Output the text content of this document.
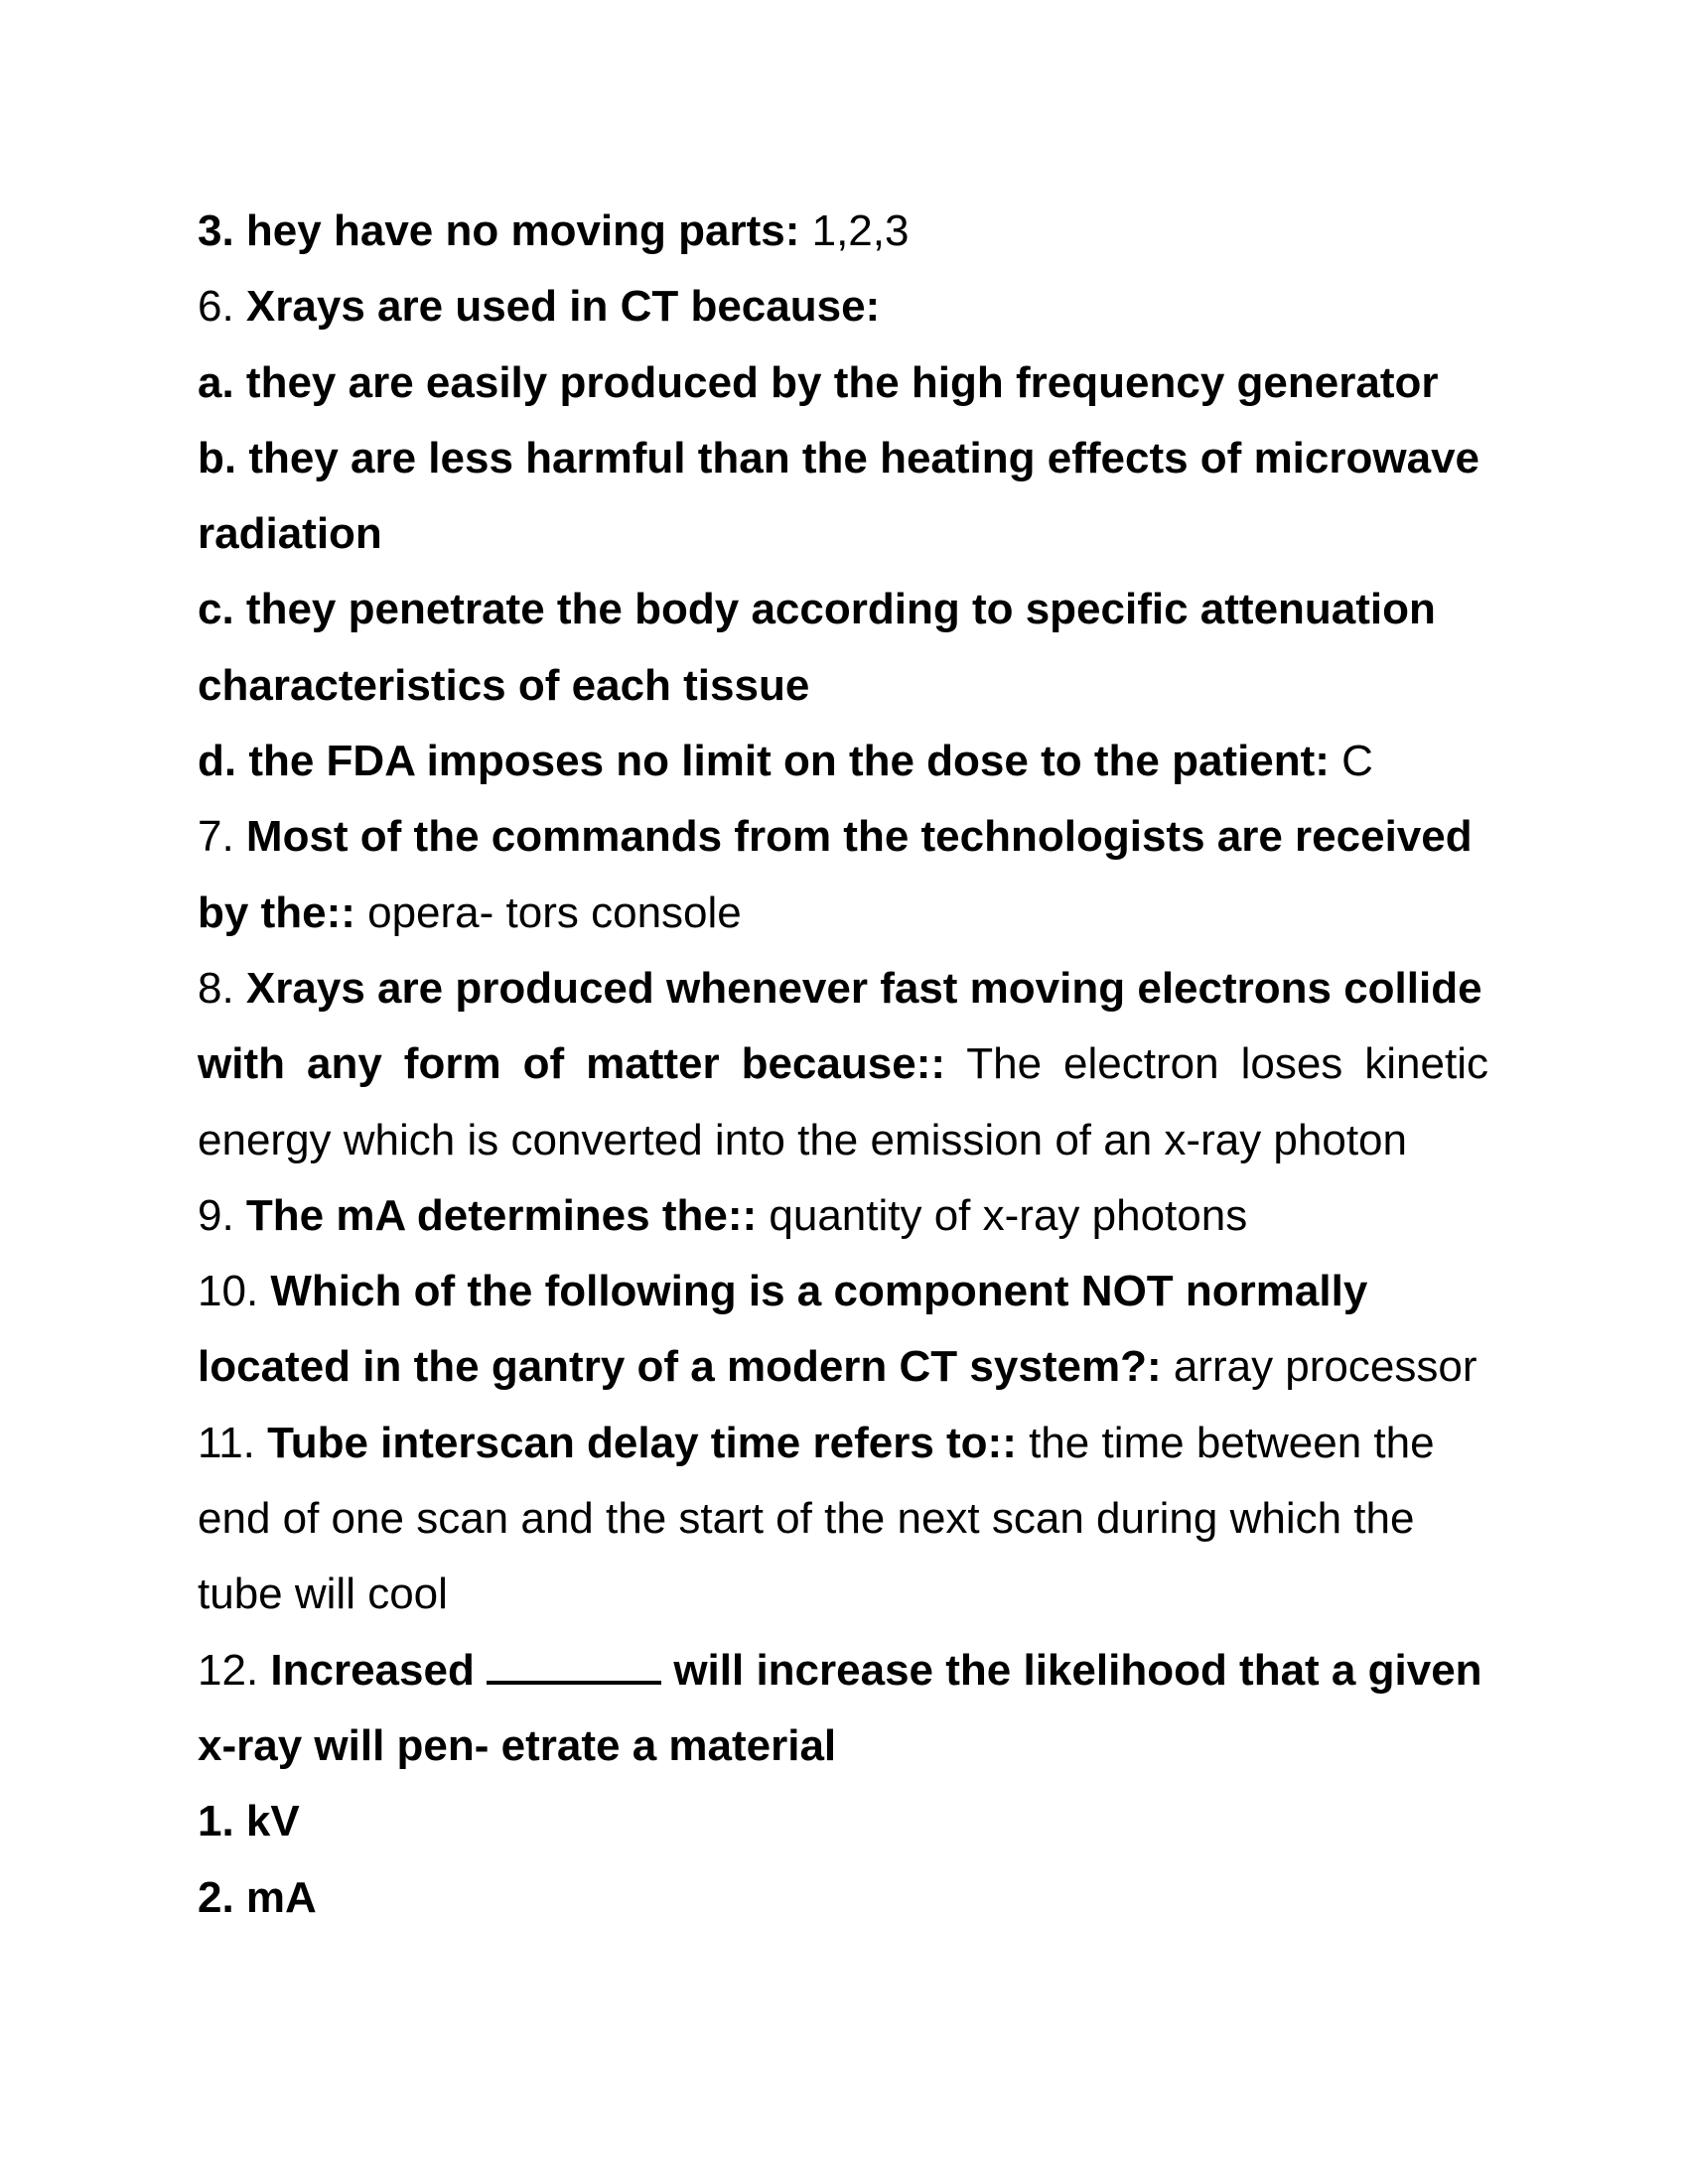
3. hey have no moving parts: 1,2,3

6. Xrays are used in CT because:

a. they are easily produced by the high frequency generator

b. they are less harmful than the heating effects of microwave

radiation

c. they penetrate the body according to specific attenuation

characteristics of each tissue

d. the FDA imposes no limit on the dose to the patient: C

7. Most of the commands from the technologists are received

by the:: opera- tors console

8. Xrays are produced whenever fast moving electrons collide

with any form of matter because:: The electron loses kinetic

energy which is converted into the emission of an x-ray photon

9. The mA determines the:: quantity of x-ray photons

10. Which of the following is a component NOT normally

located in the gantry of a modern CT system?: array processor

11. Tube interscan delay time refers to:: the time between the

end of one scan and the start of the next scan during which the

tube will cool

12. Increased	will increase the likelihood that a given

x-ray will pen- etrate a material

1. kV

2. mA
